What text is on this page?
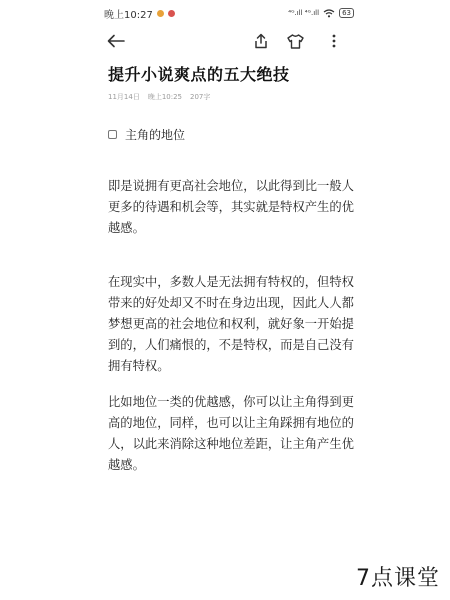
晚上10:27	⁴ᴳ.ıll ⁴ᴳ.ıll	63
提升小说爽点的五大绝技
11月14日 晚上10:25 207字
主角的地位
即是说拥有更高社会地位，以此得到比一般人更多的待遇和机会等，其实就是特权产生的优越感。
在现实中，多数人是无法拥有特权的，但特权带来的好处却又不时在身边出现，因此人人都梦想更高的社会地位和权利，就好象一开始提到的，人们痛恨的，不是特权，而是自己没有拥有特权。
比如地位一类的优越感，你可以让主角得到更高的地位，同样，也可以让主角踩拥有地位的人，以此来消除这种地位差距，让主角产生优越感。
7点课堂
